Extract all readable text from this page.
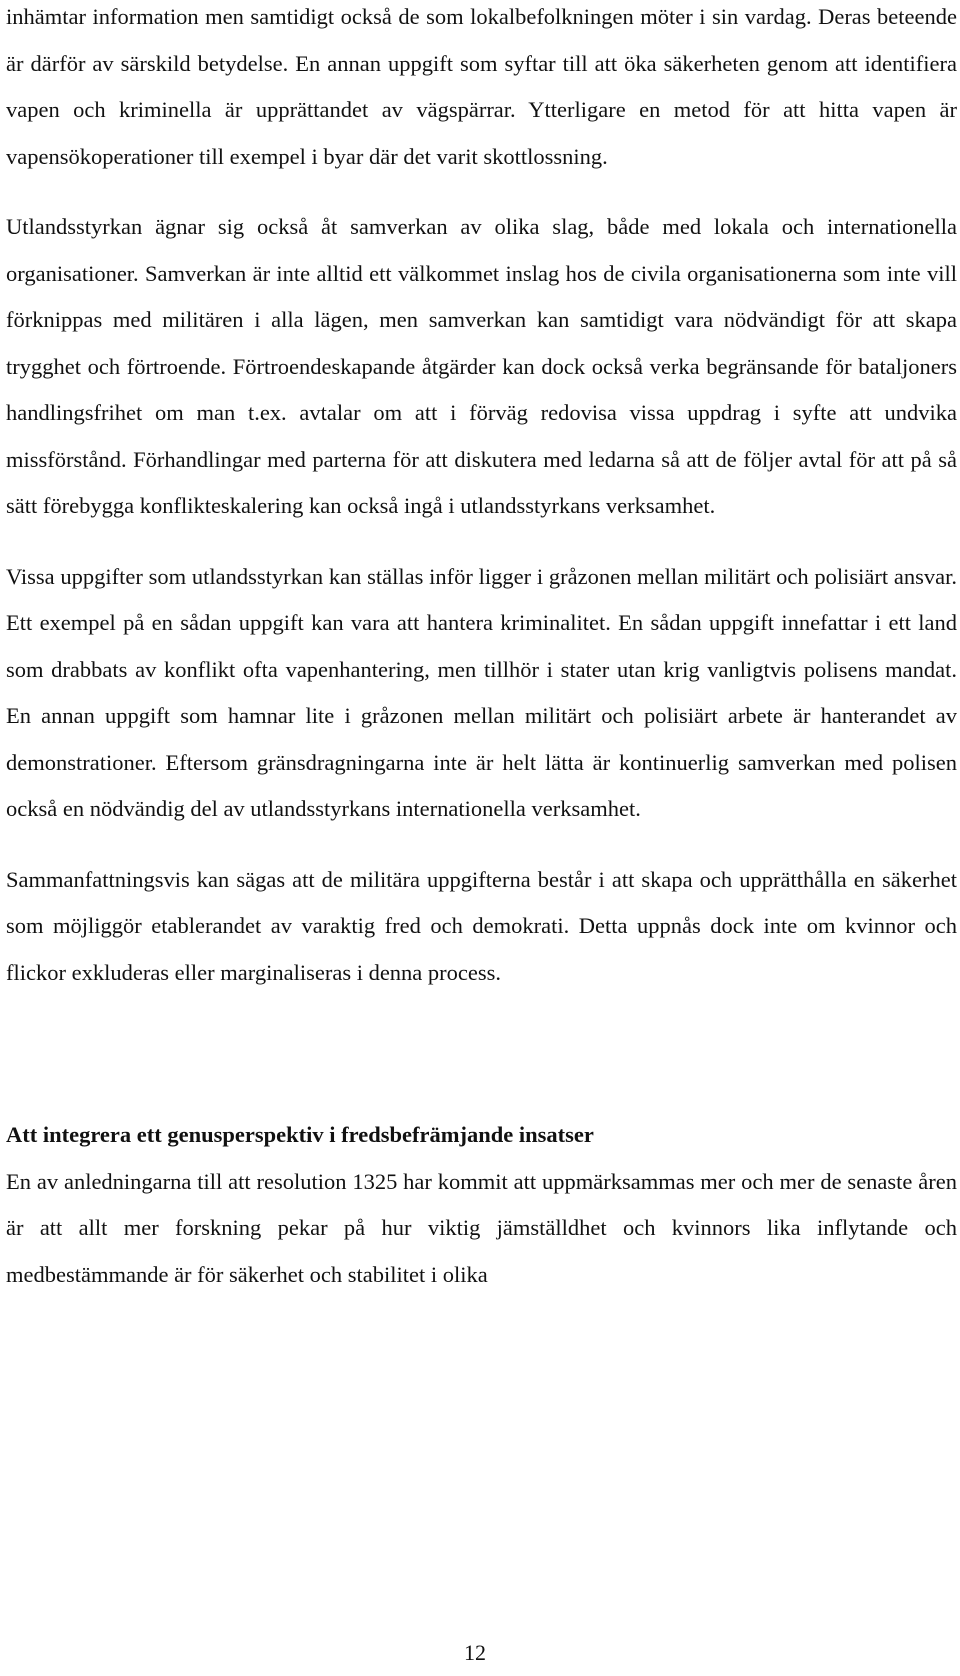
inhämtar information men samtidigt också de som lokalbefolkningen möter i sin vardag. Deras beteende är därför av särskild betydelse. En annan uppgift som syftar till att öka säkerheten genom att identifiera vapen och kriminella är upprättandet av vägspärrar. Ytterligare en metod för att hitta vapen är vapensökoperationer till exempel i byar där det varit skottlossning.

Utlandsstyrkan ägnar sig också åt samverkan av olika slag, både med lokala och internationella organisationer. Samverkan är inte alltid ett välkommet inslag hos de civila organisationerna som inte vill förknippas med militären i alla lägen, men samverkan kan samtidigt vara nödvändigt för att skapa trygghet och förtroende. Förtroendeskapande åtgärder kan dock också verka begränsande för bataljoners handlingsfrihet om man t.ex. avtalar om att i förväg redovisa vissa uppdrag i syfte att undvika missförstånd. Förhandlingar med parterna för att diskutera med ledarna så att de följer avtal för att på så sätt förebygga konflikteskalering kan också ingå i utlandsstyrkans verksamhet.

Vissa uppgifter som utlandsstyrkan kan ställas inför ligger i gråzonen mellan militärt och polisiärt ansvar. Ett exempel på en sådan uppgift kan vara att hantera kriminalitet. En sådan uppgift innefattar i ett land som drabbats av konflikt ofta vapenhantering, men tillhör i stater utan krig vanligtvis polisens mandat. En annan uppgift som hamnar lite i gråzonen mellan militärt och polisiärt arbete är hanterandet av demonstrationer. Eftersom gränsdragningarna inte är helt lätta är kontinuerlig samverkan med polisen också en nödvändig del av utlandsstyrkans internationella verksamhet.

Sammanfattningsvis kan sägas att de militära uppgifterna består i att skapa och upprätthålla en säkerhet som möjliggör etablerandet av varaktig fred och demokrati. Detta uppnås dock inte om kvinnor och flickor exkluderas eller marginaliseras i denna process.

Att integrera ett genusperspektiv i fredsbefrämjande insatser

En av anledningarna till att resolution 1325 har kommit att uppmärksammas mer och mer de senaste åren är att allt mer forskning pekar på hur viktig jämställdhet och kvinnors lika inflytande och medbestämmande är för säkerhet och stabilitet i olika

12
